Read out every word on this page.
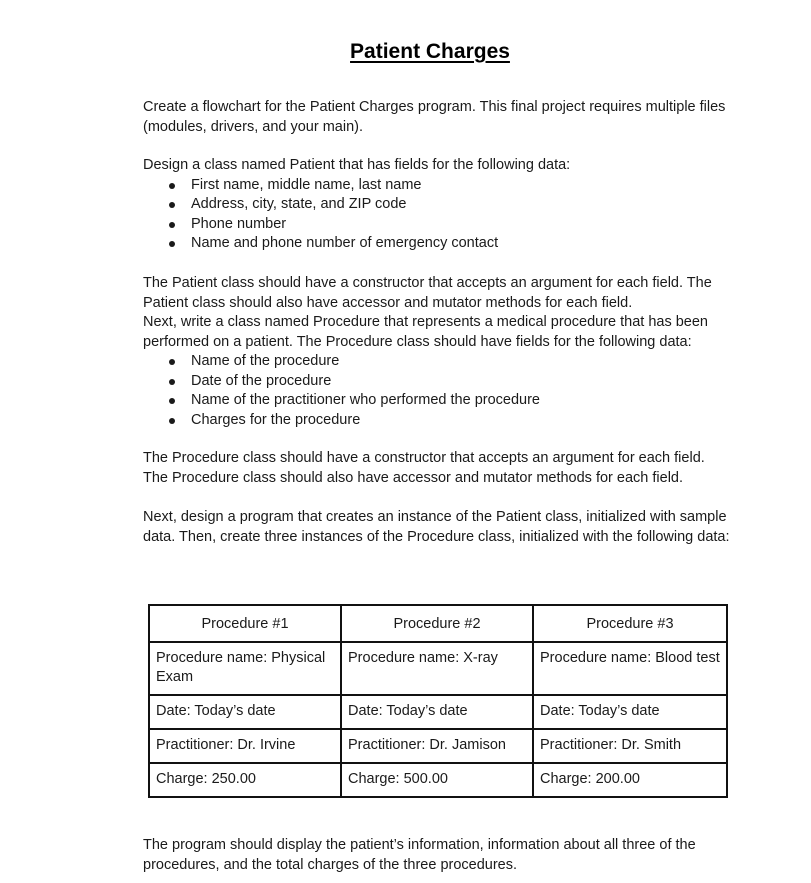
Patient Charges

Create a flowchart for the Patient Charges program. This final project requires multiple files (modules, drivers, and your main).

Design a class named Patient that has fields for the following data:

First name, middle name, last name
Address, city, state, and ZIP code
Phone number
Name and phone number of emergency contact

The Patient class should have a constructor that accepts an argument for each field. The Patient class should also have accessor and mutator methods for each field.

Next, write a class named Procedure that represents a medical procedure that has been performed on a patient. The Procedure class should have fields for the following data:

Name of the procedure
Date of the procedure
Name of the practitioner who performed the procedure
Charges for the procedure

The Procedure class should have a constructor that accepts an argument for each field. The Procedure class should also have accessor and mutator methods for each field.

Next, design a program that creates an instance of the Patient class, initialized with sample data. Then, create three instances of the Procedure class, initialized with the following data:

Procedure #1	Procedure #2	Procedure #3

Procedure name: Physical Exam	Procedure name: X-ray	Procedure name: Blood test

Date: Today’s date	Date: Today’s date	Date: Today’s date

Practitioner: Dr. Irvine	Practitioner: Dr. Jamison	Practitioner: Dr. Smith

Charge: 250.00	Charge: 500.00	Charge: 200.00

The program should display the patient’s information, information about all three of the procedures, and the total charges of the three procedures.
